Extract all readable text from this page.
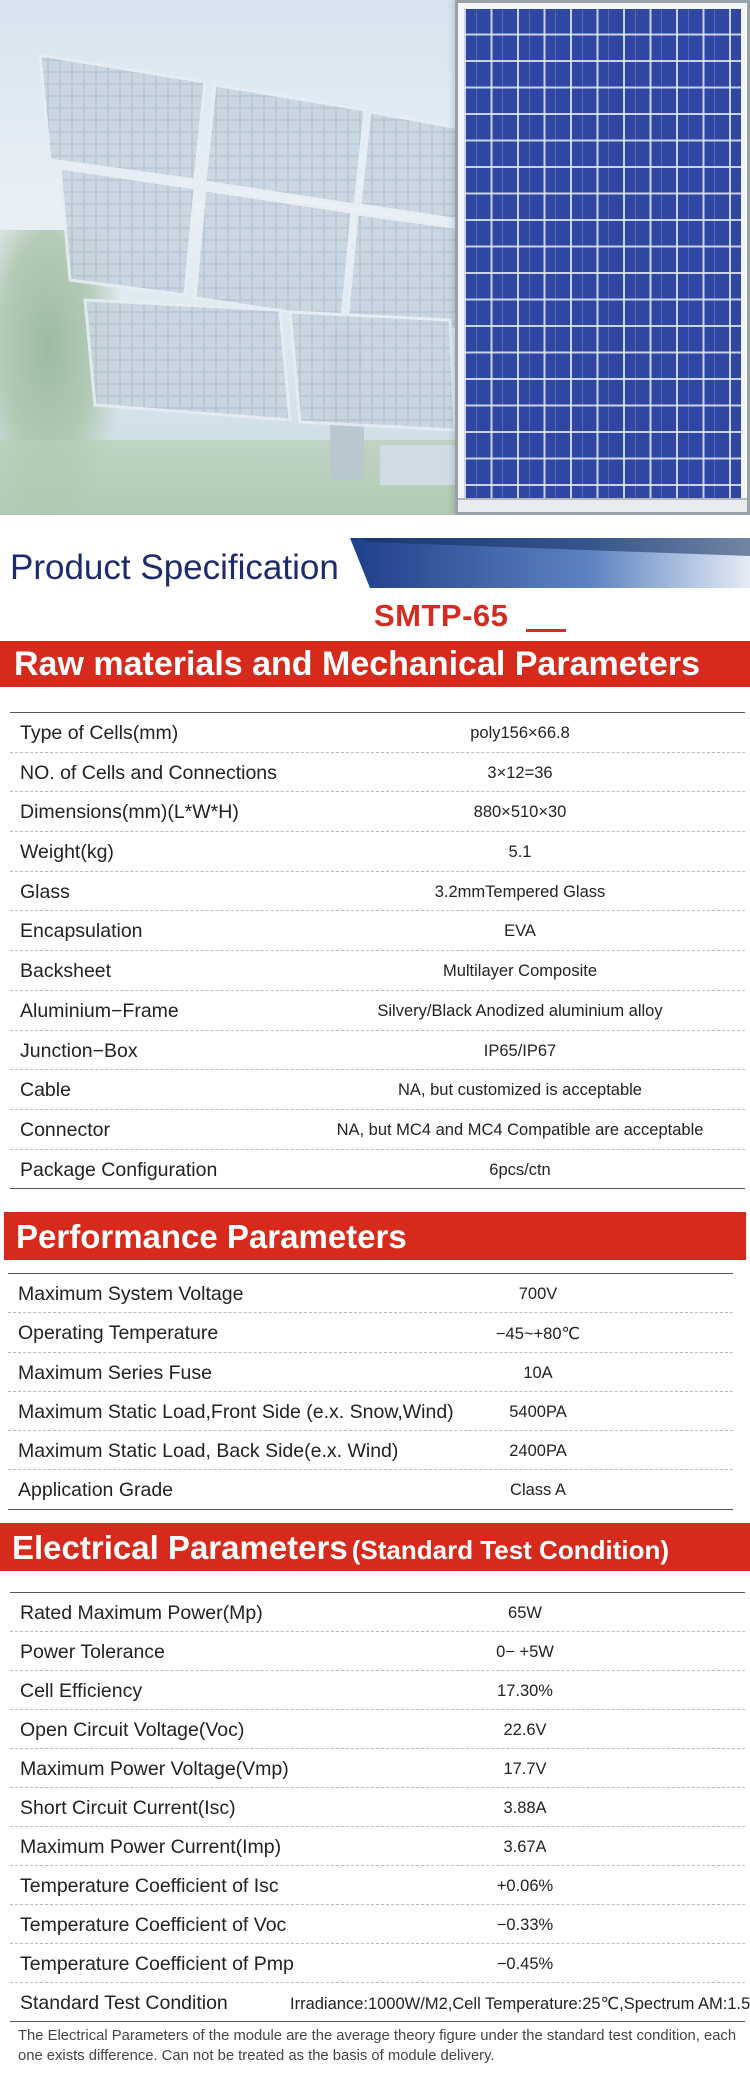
Product Specification
SMTP-65
Raw materials and Mechanical Parameters
Type of Cells(mm)	poly156×66.8
NO. of Cells and Connections	3×12=36
Dimensions(mm)(L*W*H)	880×510×30
Weight(kg)	5.1
Glass	3.2mmTempered Glass
Encapsulation	EVA
Backsheet	Multilayer Composite
Aluminium−Frame	Silvery/Black Anodized aluminium alloy
Junction−Box	IP65/IP67
Cable	NA, but customized is acceptable
Connector	NA, but MC4 and MC4 Compatible are acceptable
Package Configuration	6pcs/ctn
Performance Parameters
Maximum System Voltage	700V
Operating Temperature	−45~+80℃
Maximum Series Fuse	10A
Maximum Static Load,Front Side (e.x. Snow,Wind)	5400PA
Maximum Static Load, Back Side(e.x. Wind)	2400PA
Application Grade	Class A
Electrical Parameters (Standard Test Condition)
Rated Maximum Power(Mp)	65W
Power Tolerance	0− +5W
Cell Efficiency	17.30%
Open Circuit Voltage(Voc)	22.6V
Maximum Power Voltage(Vmp)	17.7V
Short Circuit Current(Isc)	3.88A
Maximum Power Current(Imp)	3.67A
Temperature Coefficient of Isc	+0.06%
Temperature Coefficient of Voc	−0.33%
Temperature Coefficient of Pmp	−0.45%
Standard Test Condition	Irradiance:1000W/M2,Cell Temperature:25℃,Spectrum AM:1.5
The Electrical Parameters of the module are the average theory figure under the standard test condition, each one exists difference. Can not be treated as the basis of module delivery.
